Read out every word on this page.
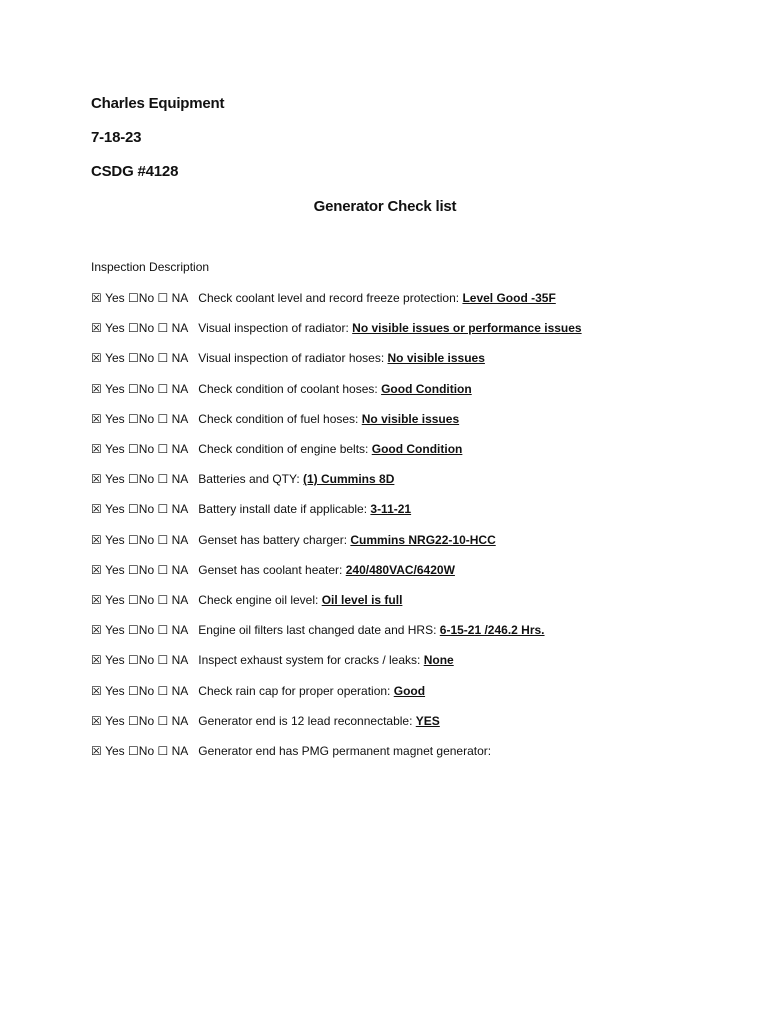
Charles Equipment
7-18-23
CSDG #4128
Generator Check list
Inspection Description
☒ Yes ☐No ☐ NA Check coolant level and record freeze protection: Level Good -35F
☒ Yes ☐No ☐ NA Visual inspection of radiator: No visible issues or performance issues
☒ Yes ☐No ☐ NA Visual inspection of radiator hoses: No visible issues
☒ Yes ☐No ☐ NA Check condition of coolant hoses: Good Condition
☒ Yes ☐No ☐ NA Check condition of fuel hoses: No visible issues
☒ Yes ☐No ☐ NA Check condition of engine belts: Good Condition
☒ Yes ☐No ☐ NA Batteries and QTY: (1) Cummins 8D
☒ Yes ☐No ☐ NA Battery install date if applicable: 3-11-21
☒ Yes ☐No ☐ NA Genset has battery charger: Cummins NRG22-10-HCC
☒ Yes ☐No ☐ NA Genset has coolant heater: 240/480VAC/6420W
☒ Yes ☐No ☐ NA Check engine oil level: Oil level is full
☒ Yes ☐No ☐ NA Engine oil filters last changed date and HRS: 6-15-21 /246.2 Hrs.
☒ Yes ☐No ☐ NA Inspect exhaust system for cracks / leaks: None
☒ Yes ☐No ☐ NA Check rain cap for proper operation: Good
☒ Yes ☐No ☐ NA Generator end is 12 lead reconnectable: YES
☒ Yes ☐No ☐ NA Generator end has PMG permanent magnet generator:
